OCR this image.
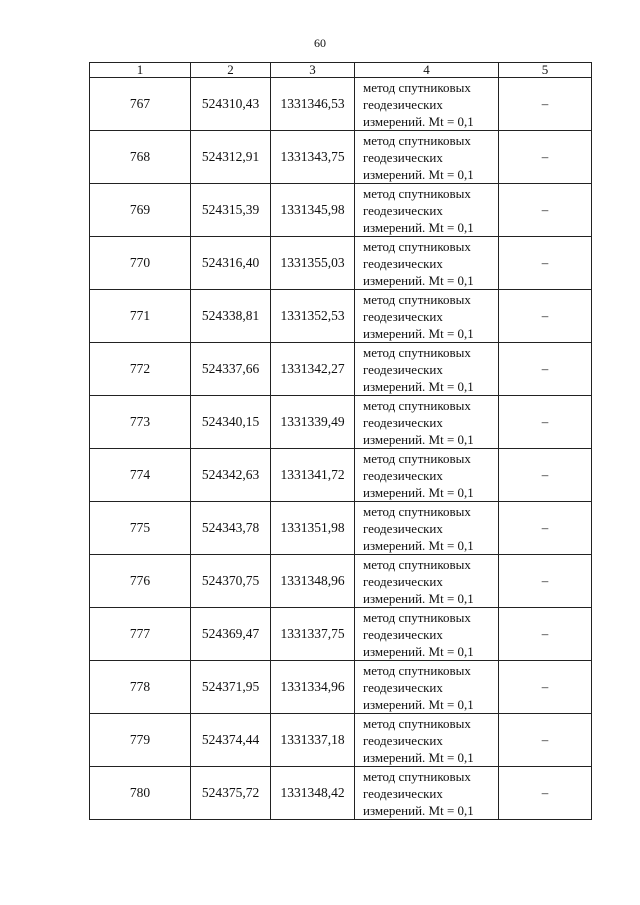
60
1	2	3	4	5
767	524310,43	1331346,53	метод спутниковых
геодезических
измерений. Mt = 0,1	–
768	524312,91	1331343,75	метод спутниковых
геодезических
измерений. Mt = 0,1	–
769	524315,39	1331345,98	метод спутниковых
геодезических
измерений. Mt = 0,1	–
770	524316,40	1331355,03	метод спутниковых
геодезических
измерений. Mt = 0,1	–
771	524338,81	1331352,53	метод спутниковых
геодезических
измерений. Mt = 0,1	–
772	524337,66	1331342,27	метод спутниковых
геодезических
измерений. Mt = 0,1	–
773	524340,15	1331339,49	метод спутниковых
геодезических
измерений. Mt = 0,1	–
774	524342,63	1331341,72	метод спутниковых
геодезических
измерений. Mt = 0,1	–
775	524343,78	1331351,98	метод спутниковых
геодезических
измерений. Mt = 0,1	–
776	524370,75	1331348,96	метод спутниковых
геодезических
измерений. Mt = 0,1	–
777	524369,47	1331337,75	метод спутниковых
геодезических
измерений. Mt = 0,1	–
778	524371,95	1331334,96	метод спутниковых
геодезических
измерений. Mt = 0,1	–
779	524374,44	1331337,18	метод спутниковых
геодезических
измерений. Mt = 0,1	–
780	524375,72	1331348,42	метод спутниковых
геодезических
измерений. Mt = 0,1	–
